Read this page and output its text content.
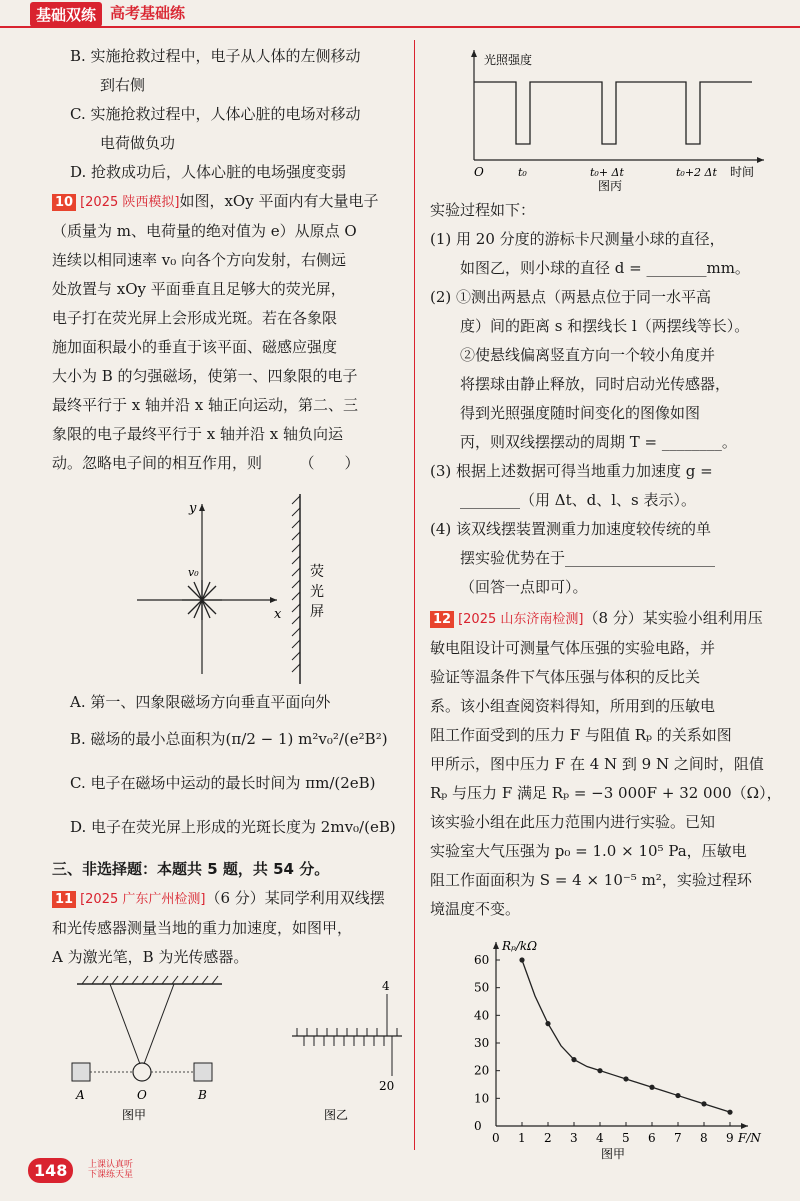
基础双练 高考基础练

B. 实施抢救过程中，电子从人体的左侧移动
到右侧

C. 实施抢救过程中，人体心脏的电场对移动
电荷做负功

D. 抢救成功后，人体心脏的电场强度变弱

10 [2025 陕西模拟]如图，xOy 平面内有大量电子

（质量为 m、电荷量的绝对值为 e）从原点 O

连续以相同速率 v₀ 向各个方向发射，右侧远

处放置与 xOy 平面垂直且足够大的荧光屏，

电子打在荧光屏上会形成光斑。若在各象限

施加面积最小的垂直于该平面、磁感应强度

大小为 B 的匀强磁场，使第一、四象限的电子

最终平行于 x 轴并沿 x 轴正向运动，第二、三

象限的电子最终平行于 x 轴并沿 x 轴负向运

动。忽略电子间的相互作用，则　　　（　　）

y
x
v₀	荧
光
屏

A. 第一、四象限磁场方向垂直平面向外

B. 磁场的最小总面积为(π/2 − 1) m²v₀²/(e²B²)

C. 电子在磁场中运动的最长时间为 πm/(2eB)

D. 电子在荧光屏上形成的光斑长度为 2mv₀/(eB)

三、非选择题：本题共 5 题，共 54 分。

11 [2025 广东广州检测]（6 分）某同学利用双线摆

和光传感器测量当地的重力加速度，如图甲，

A 为激光笔，B 为光传感器。

A	O	B
图甲
4
20
图乙
光照强度
O	t₀	t₀+ Δt	t₀+2 Δt 时间
图丙

实验过程如下：

(1) 用 20 分度的游标卡尺测量小球的直径，

如图乙，则小球的直径 d = ________mm。

(2) ①测出两悬点（两悬点位于同一水平高

度）间的距离 s 和摆线长 l（两摆线等长）。

②使悬线偏离竖直方向一个较小角度并

将摆球由静止释放，同时启动光传感器，

得到光照强度随时间变化的图像如图

丙，则双线摆摆动的周期 T = ________。

(3) 根据上述数据可得当地重力加速度 g =

________（用 Δt、d、l、s 表示）。

(4) 该双线摆装置测重力加速度较传统的单

摆实验优势在于____________________

（回答一点即可）。

12 [2025 山东济南检测]（8 分）某实验小组利用压

敏电阻设计可测量气体压强的实验电路，并

验证等温条件下气体压强与体积的反比关

系。该小组查阅资料得知，所用到的压敏电

阻工作面受到的压力 F 与阻值 Rₚ 的关系如图

甲所示，图中压力 F 在 4 N 到 9 N 之间时，阻值

Rₚ 与压力 F 满足 Rₚ = −3 000F + 32 000（Ω），

该实验小组在此压力范围内进行实验。已知

实验室大气压强为 p₀ = 1.0 × 10⁵ Pa，压敏电

阻工作面面积为 S = 4 × 10⁻⁵ m²，实验过程环

境温度不变。

0 1 2 3 4 5 6 7 8 9
0
10
20
30
40
50
60
F/N
Rₚ/kΩ
图甲
148	上课认真听
下课练天星
